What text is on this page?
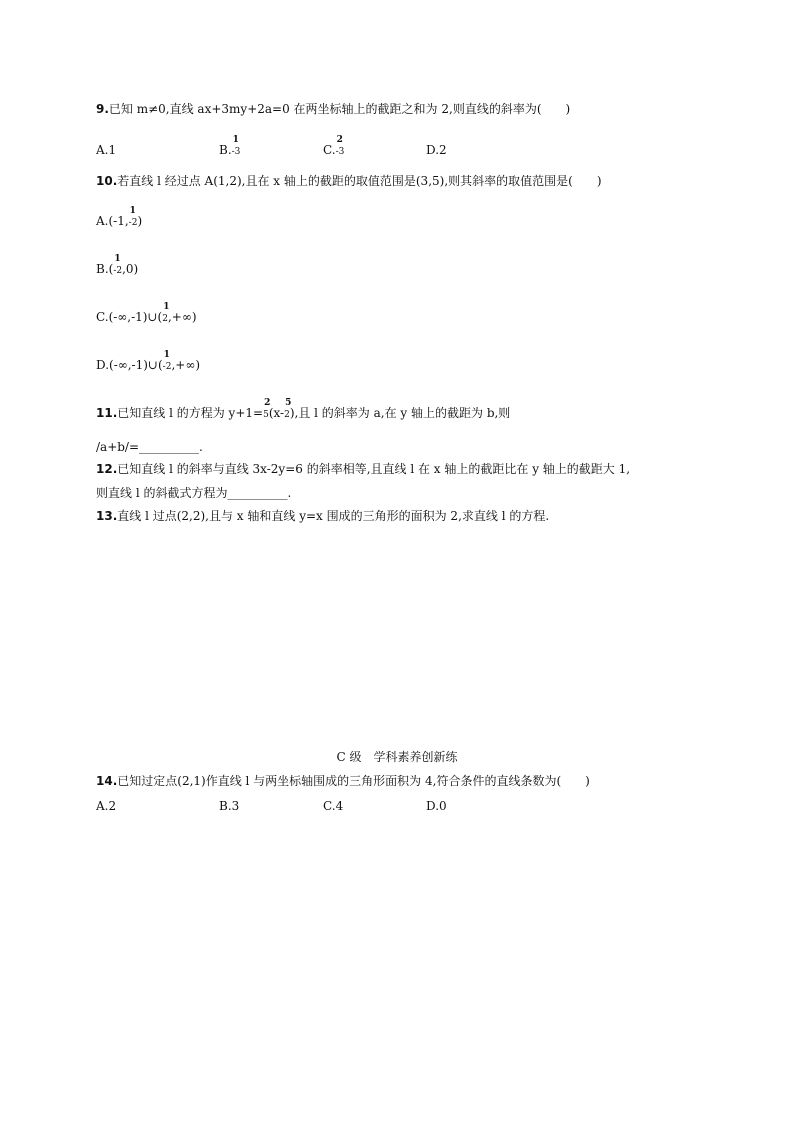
9.已知 m≠0,直线 ax+3my+2a=0 在两坐标轴上的截距之和为 2,则直线的斜率为(　　)
A.1	B.
1
-3	C.
2
-3	D.2
10.若直线 l 经过点 A(1,2),且在 x 轴上的截距的取值范围是(3,5),则其斜率的取值范围是(　　)
A.(-1,
1
-2)
B.(
1
-2,0)
C.(-∞,-1)∪(
1
2,+∞)
D.(-∞,-1)∪(
1
-2,+∞)
11.已知直线 l 的方程为 y+1=
2
5(x-
5
2),且 l 的斜率为 a,在 y 轴上的截距为 b,则
/a+b/=__________.
12.已知直线 l 的斜率与直线 3x-2y=6 的斜率相等,且直线 l 在 x 轴上的截距比在 y 轴上的截距大 1,
则直线 l 的斜截式方程为__________.
13.直线 l 过点(2,2),且与 x 轴和直线 y=x 围成的三角形的面积为 2,求直线 l 的方程.
C 级　学科素养创新练
14.已知过定点(2,1)作直线 l 与两坐标轴围成的三角形面积为 4,符合条件的直线条数为(　　)
A.2	B.3	C.4	D.0
